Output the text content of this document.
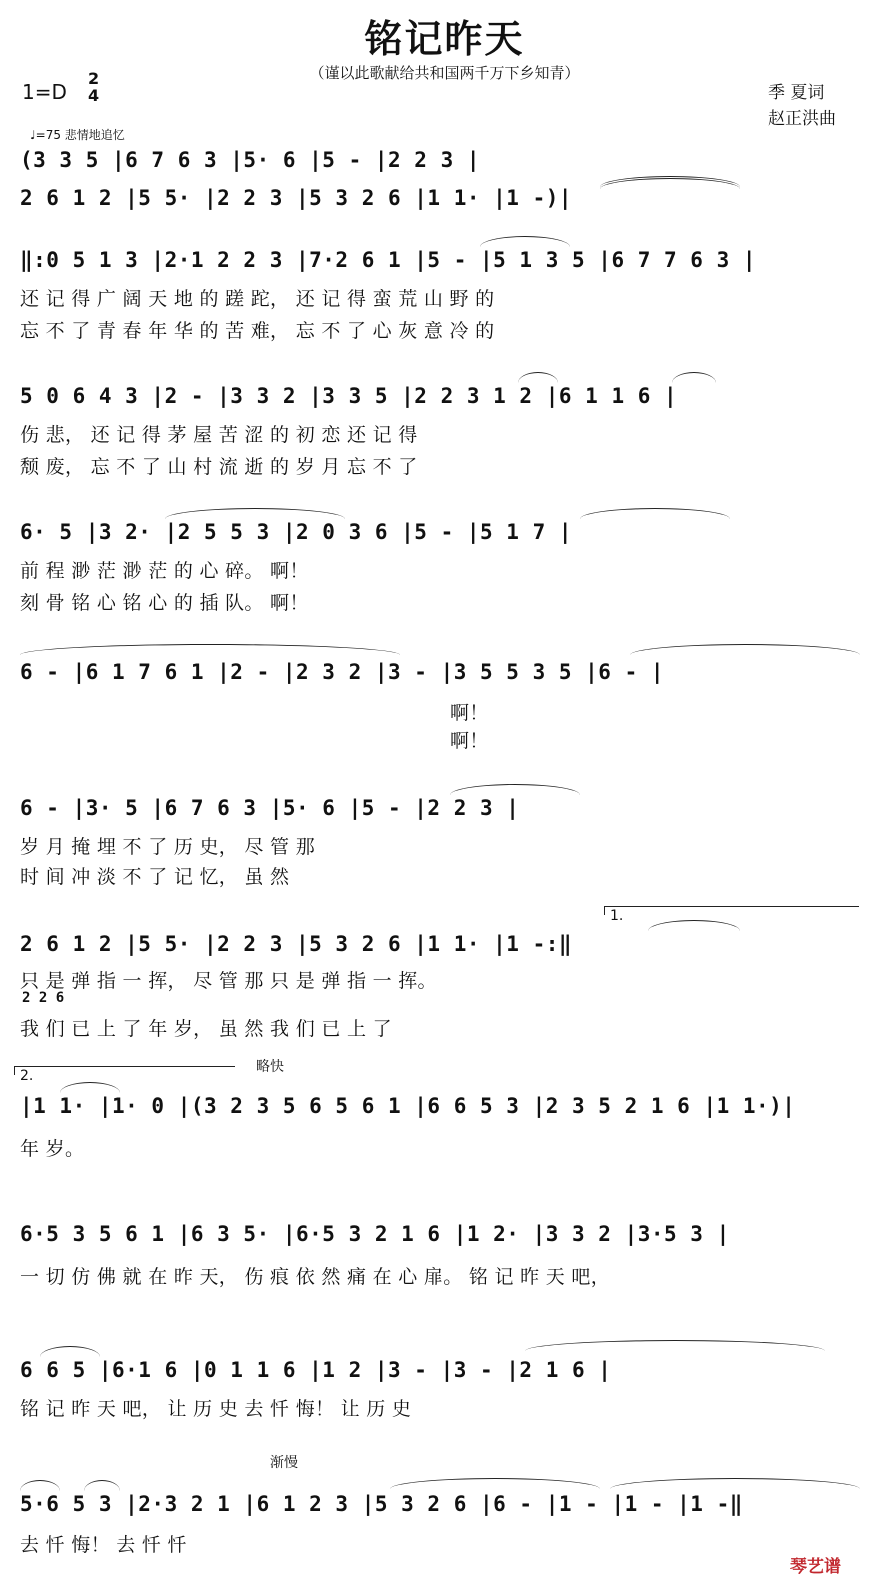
铭记昨天
（谨以此歌献给共和国两千万下乡知青）
1=D
2
4	季 夏词
赵正洪曲
♩=75 悲情地追忆
(3 3 5 |6 7 6 3 |5· 6 |5 - |2 2 3 |
2 6 1 2 |5 5· |2 2 3 |5 3 2 6 |1 1· |1 -)|
‖:0 5 1 3 |2·1 2 2 3 |7·2 6 1 |5 - |5 1 3 5 |6 7 7 6 3 |
还 记 得 广 阔 天 地 的 蹉 跎， 还 记 得 蛮 荒 山 野 的
忘 不 了 青 春 年 华 的 苦 难， 忘 不 了 心 灰 意 冷 的
5 0 6 4 3 |2 - |3 3 2 |3 3 5 |2 2 3 1 2 |6 1 1 6 |
伤 悲， 还 记 得 茅 屋 苦 涩 的 初 恋 还 记 得
颓 废， 忘 不 了 山 村 流 逝 的 岁 月 忘 不 了
6· 5 |3 2· |2 5 5 3 |2 0 3 6 |5 - |5 1 7 |
前 程 渺 茫 渺 茫 的 心 碎。 啊！
刻 骨 铭 心 铭 心 的 插 队。 啊！
6 - |6 1 7 6 1 |2 - |2 3 2 |3 - |3 5 5 3 5 |6 - |
啊！
啊！
6 - |3· 5 |6 7 6 3 |5· 6 |5 - |2 2 3 |
岁 月 掩 埋 不 了 历 史， 尽 管 那
时 间 冲 淡 不 了 记 忆， 虽 然
1.
2 6 1 2 |5 5· |2 2 3 |5 3 2 6 |1 1· |1 -:‖
只 是 弹 指 一 挥， 尽 管 那 只 是 弹 指 一 挥。
2 2 6
我 们 已 上 了 年 岁， 虽 然 我 们 已 上 了
2.
略快
|1 1· |1· 0 |(3 2 3 5 6 5 6 1 |6 6 5 3 |2 3 5 2 1 6 |1 1·)|
年 岁。
6·5 3 5 6 1 |6 3 5· |6·5 3 2 1 6 |1 2· |3 3 2 |3·5 3 |
一 切 仿 佛 就 在 昨 天， 伤 痕 依 然 痛 在 心 扉。 铭 记 昨 天 吧，
6 6 5 |6·1 6 |0 1 1 6 |1 2 |3 - |3 - |2 1 6 |
铭 记 昨 天 吧， 让 历 史 去 忏 悔！ 让 历 史
渐慢
5·6 5 3 |2·3 2 1 |6 1 2 3 |5 3 2 6 |6 - |1 - |1 - |1 -‖
去 忏 悔！ 去 忏 忏
琴艺谱
